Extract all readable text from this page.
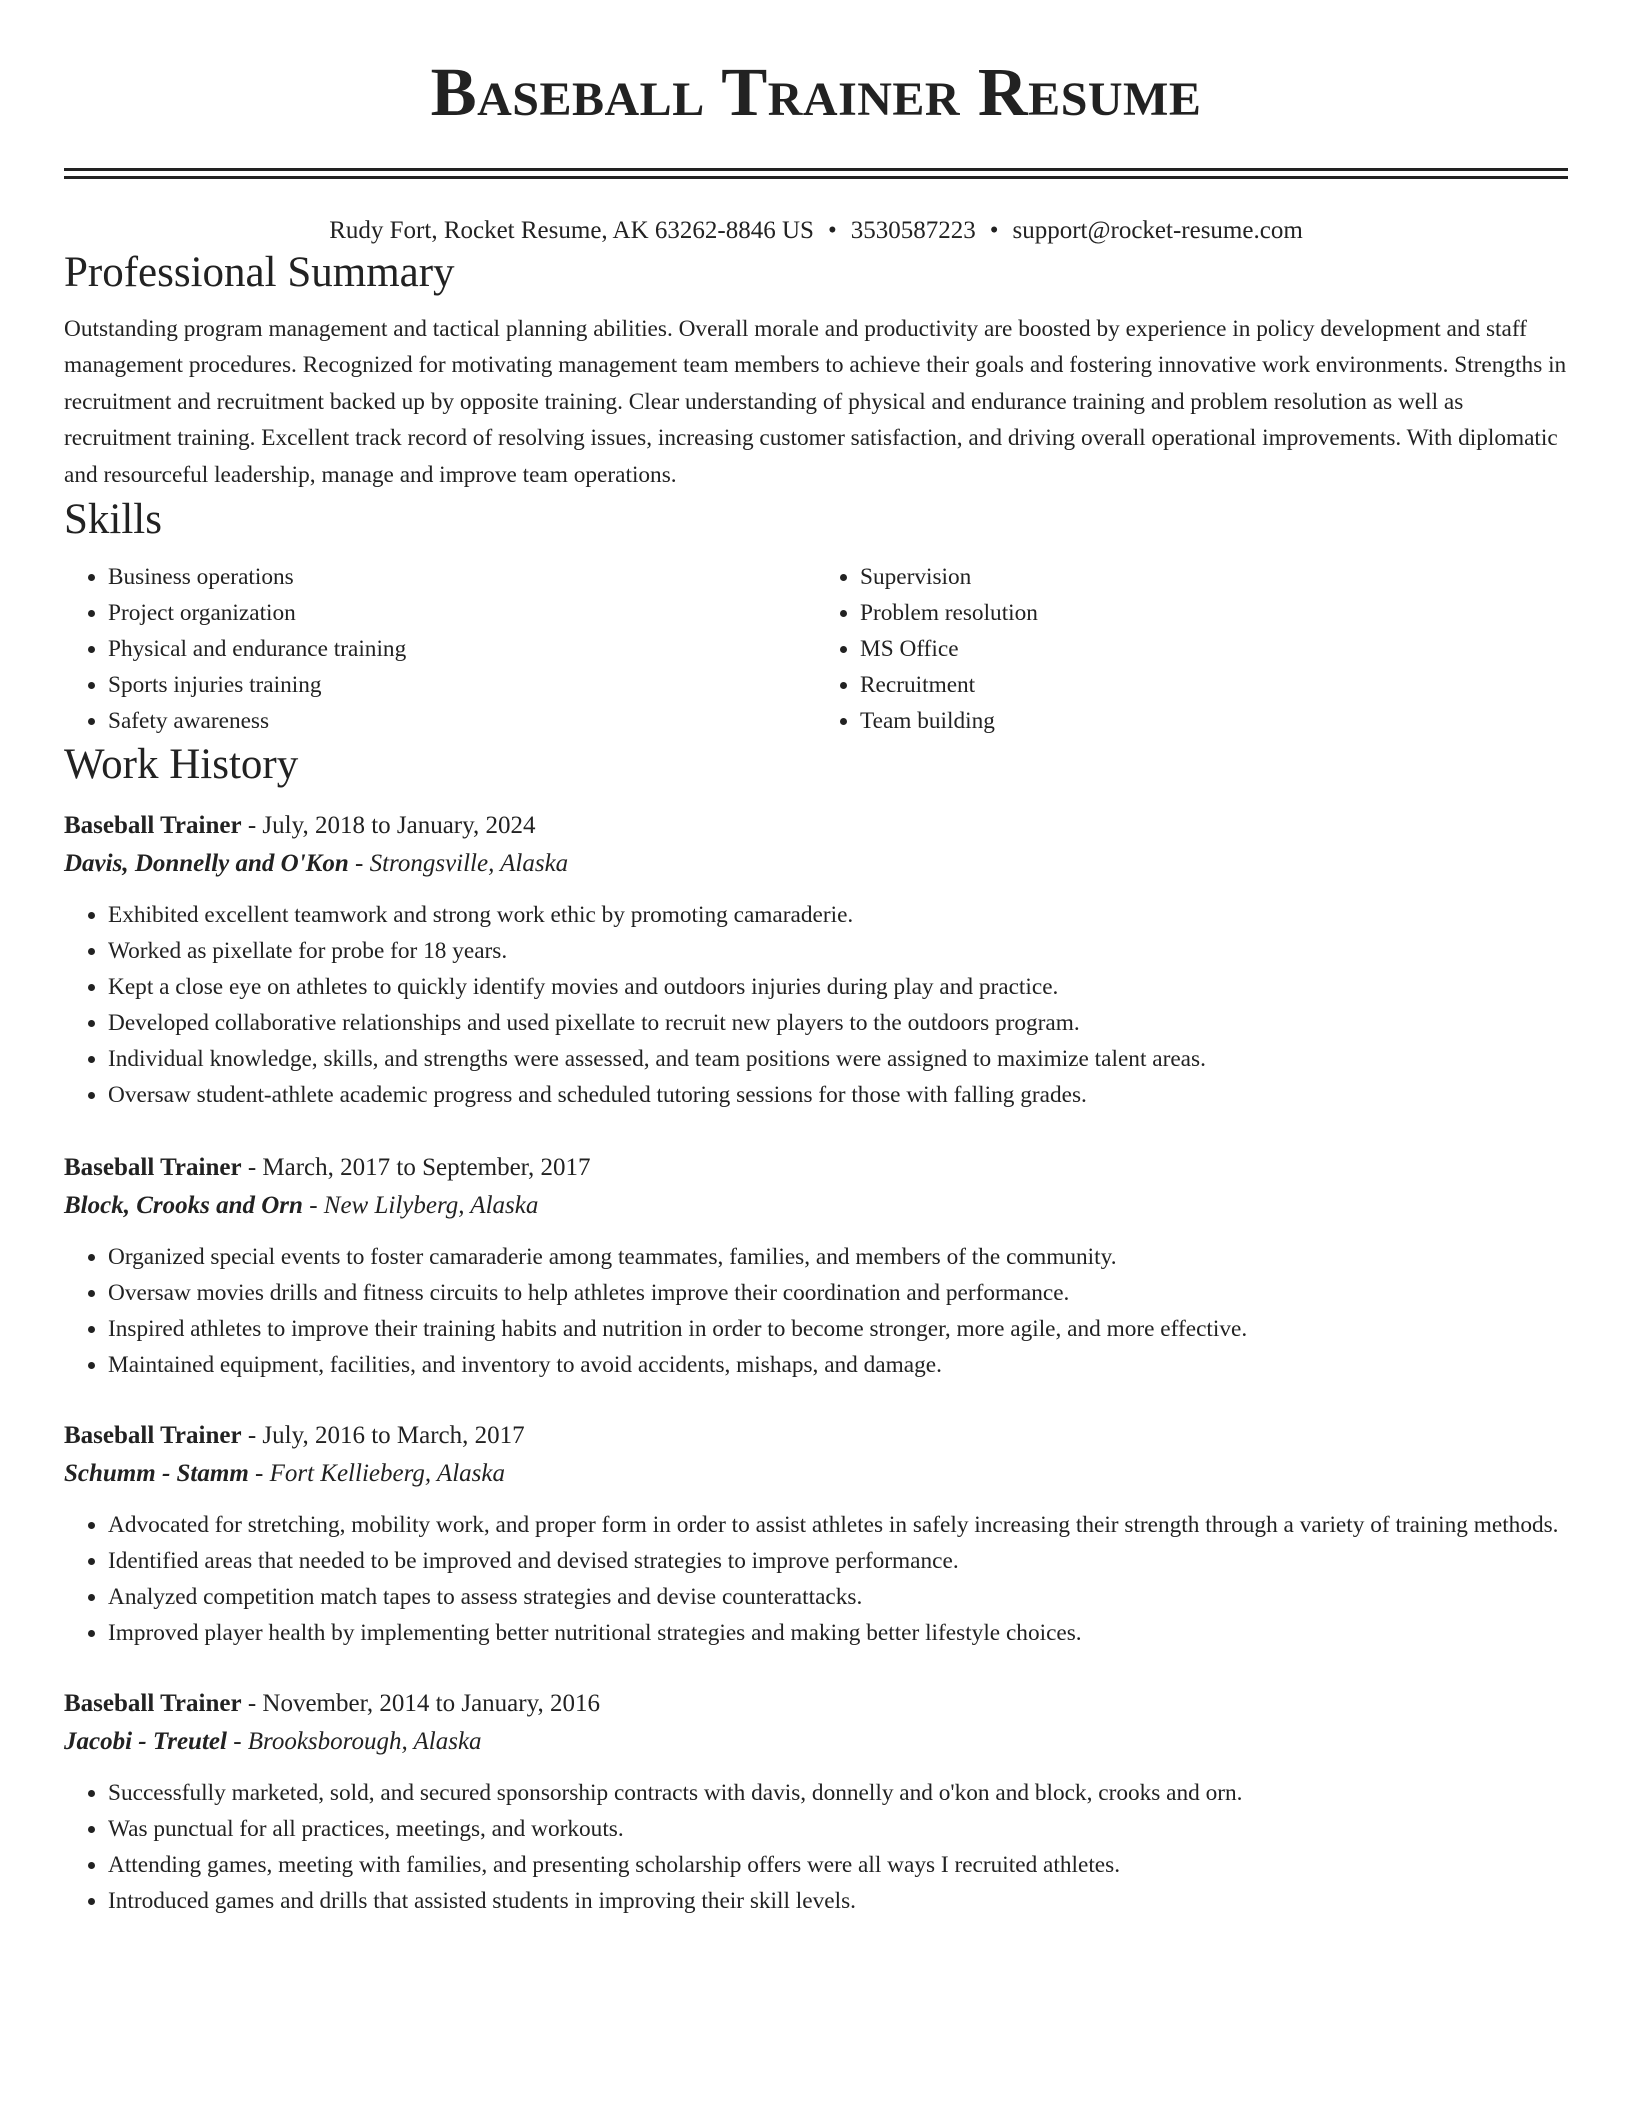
Baseball Trainer Resume
Rudy Fort, Rocket Resume, AK 63262-8846 US • 3530587223 • support@rocket-resume.com
Professional Summary

Outstanding program management and tactical planning abilities. Overall morale and productivity are boosted by experience in policy development and staff management procedures. Recognized for motivating management team members to achieve their goals and fostering innovative work environments. Strengths in recruitment and recruitment backed up by opposite training. Clear understanding of physical and endurance training and problem resolution as well as recruitment training. Excellent track record of resolving issues, increasing customer satisfaction, and driving overall operational improvements. With diplomatic and resourceful leadership, manage and improve team operations.

Skills
• Business operations
• Project organization
• Physical and endurance training
• Sports injuries training
• Safety awareness
• Supervision
• Problem resolution
• MS Office
• Recruitment
• Team building
Work History
Baseball Trainer - July, 2018 to January, 2024
Davis, Donnelly and O'Kon - Strongsville, Alaska
• Exhibited excellent teamwork and strong work ethic by promoting camaraderie.
• Worked as pixellate for probe for 18 years.
• Kept a close eye on athletes to quickly identify movies and outdoors injuries during play and practice.
• Developed collaborative relationships and used pixellate to recruit new players to the outdoors program.
• Individual knowledge, skills, and strengths were assessed, and team positions were assigned to maximize talent areas.
• Oversaw student-athlete academic progress and scheduled tutoring sessions for those with falling grades.
Baseball Trainer - March, 2017 to September, 2017
Block, Crooks and Orn - New Lilyberg, Alaska
• Organized special events to foster camaraderie among teammates, families, and members of the community.
• Oversaw movies drills and fitness circuits to help athletes improve their coordination and performance.
• Inspired athletes to improve their training habits and nutrition in order to become stronger, more agile, and more effective.
• Maintained equipment, facilities, and inventory to avoid accidents, mishaps, and damage.
Baseball Trainer - July, 2016 to March, 2017
Schumm - Stamm - Fort Kellieberg, Alaska
• Advocated for stretching, mobility work, and proper form in order to assist athletes in safely increasing their strength through a variety of training methods.
• Identified areas that needed to be improved and devised strategies to improve performance.
• Analyzed competition match tapes to assess strategies and devise counterattacks.
• Improved player health by implementing better nutritional strategies and making better lifestyle choices.
Baseball Trainer - November, 2014 to January, 2016
Jacobi - Treutel - Brooksborough, Alaska
• Successfully marketed, sold, and secured sponsorship contracts with davis, donnelly and o'kon and block, crooks and orn.
• Was punctual for all practices, meetings, and workouts.
• Attending games, meeting with families, and presenting scholarship offers were all ways I recruited athletes.
• Introduced games and drills that assisted students in improving their skill levels.
